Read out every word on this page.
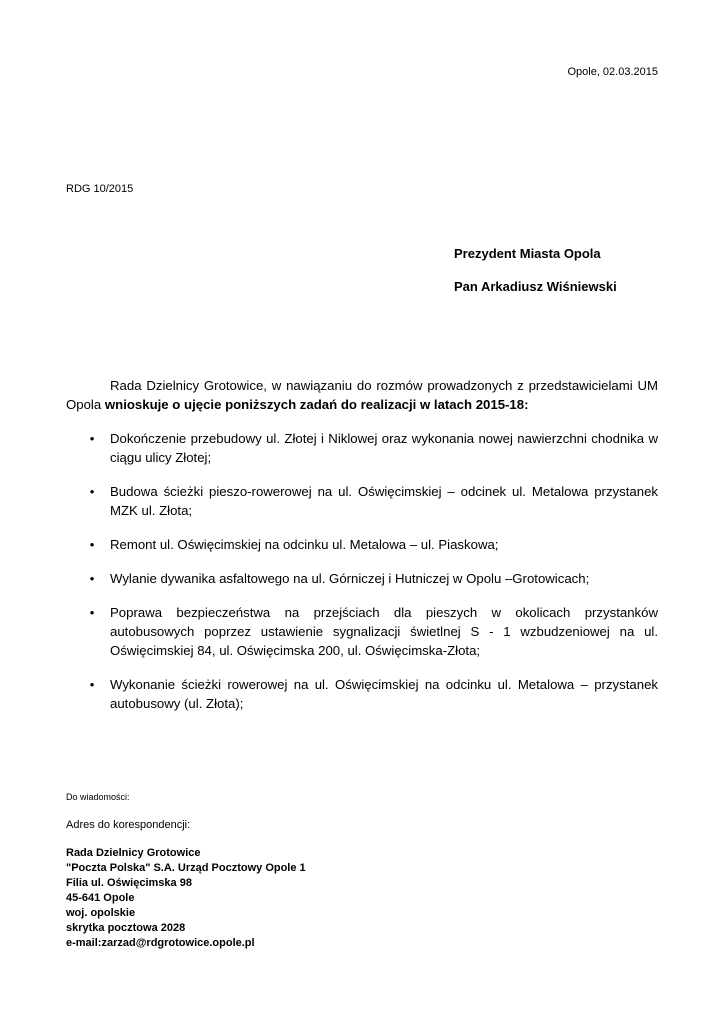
Opole, 02.03.2015
RDG 10/2015
Prezydent Miasta Opola
Pan Arkadiusz Wiśniewski
Rada Dzielnicy Grotowice, w nawiązaniu do rozmów prowadzonych z przedstawicielami UM Opola wnioskuje o ujęcie poniższych zadań do realizacji w latach 2015-18:
• Dokończenie przebudowy ul. Złotej i Niklowej oraz wykonania nowej nawierzchni chodnika w ciągu ulicy Złotej;
• Budowa ścieżki pieszo-rowerowej na ul. Oświęcimskiej – odcinek ul. Metalowa przystanek MZK ul. Złota;
• Remont ul. Oświęcimskiej na odcinku ul. Metalowa – ul. Piaskowa;
• Wylanie dywanika asfaltowego na ul. Górniczej i Hutniczej w Opolu –Grotowicach;
• Poprawa bezpieczeństwa na przejściach dla pieszych w okolicach przystanków autobusowych poprzez ustawienie sygnalizacji świetlnej S - 1 wzbudzeniowej na ul. Oświęcimskiej 84, ul. Oświęcimska 200, ul. Oświęcimska-Złota;
• Wykonanie ścieżki rowerowej na ul. Oświęcimskiej na odcinku ul. Metalowa – przystanek autobusowy (ul. Złota);
Do wiadomości:
Adres do korespondencji:
Rada Dzielnicy Grotowice
"Poczta Polska" S.A. Urząd Pocztowy Opole 1
Filia ul. Oświęcimska 98
45-641 Opole
woj. opolskie
skrytka pocztowa 2028
e-mail:zarzad@rdgrotowice.opole.pl
